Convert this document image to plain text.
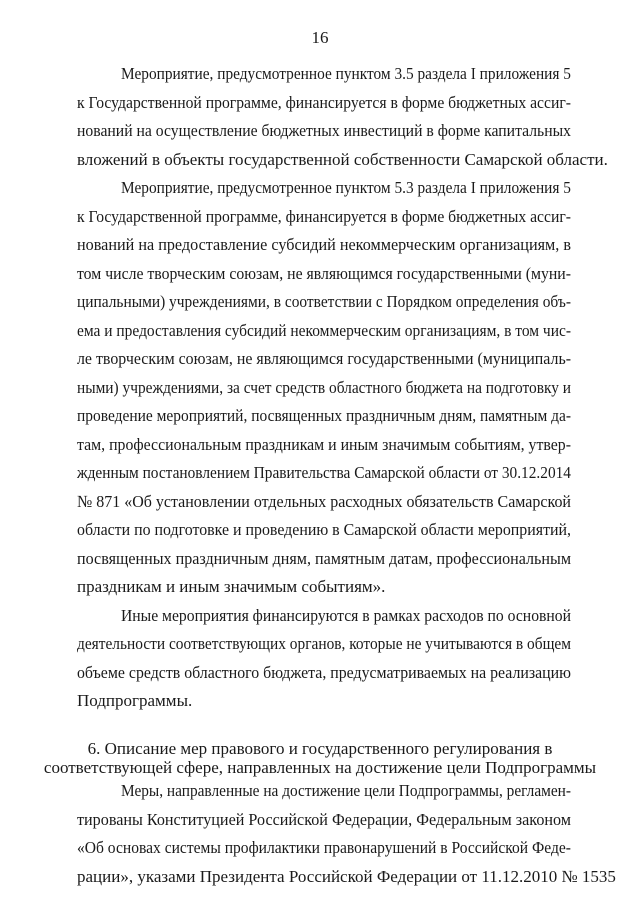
16
Мероприятие, предусмотренное пунктом 3.5 раздела I приложения 5
к Государственной программе, финансируется в форме бюджетных ассиг-
нований на осуществление бюджетных инвестиций в форме капитальных
вложений в объекты государственной собственности Самарской области.
Мероприятие, предусмотренное пунктом 5.3 раздела I приложения 5
к Государственной программе, финансируется в форме бюджетных ассиг-
нований на предоставление субсидий некоммерческим организациям, в
том числе творческим союзам, не являющимся государственными (муни-
ципальными) учреждениями, в соответствии с Порядком определения объ-
ема и предоставления субсидий некоммерческим организациям, в том чис-
ле творческим союзам, не являющимся государственными (муниципаль-
ными) учреждениями, за счет средств областного бюджета на подготовку и
проведение мероприятий, посвященных праздничным дням, памятным да-
там, профессиональным праздникам и иным значимым событиям, утвер-
жденным постановлением Правительства Самарской области от 30.12.2014
№ 871 «Об установлении отдельных расходных обязательств Самарской
области по подготовке и проведению в Самарской области мероприятий,
посвященных праздничным дням, памятным датам, профессиональным
праздникам и иным значимым событиям».
Иные мероприятия финансируются в рамках расходов по основной
деятельности соответствующих органов, которые не учитываются в общем
объеме средств областного бюджета, предусматриваемых на реализацию
Подпрограммы.
6. Описание мер правового и государственного регулирования в
соответствующей сфере, направленных на достижение цели Подпрограммы
Меры, направленные на достижение цели Подпрограммы, регламен-
тированы Конституцией Российской Федерации, Федеральным законом
«Об основах системы профилактики правонарушений в Российской Феде-
рации», указами Президента Российской Федерации от 11.12.2010 № 1535
